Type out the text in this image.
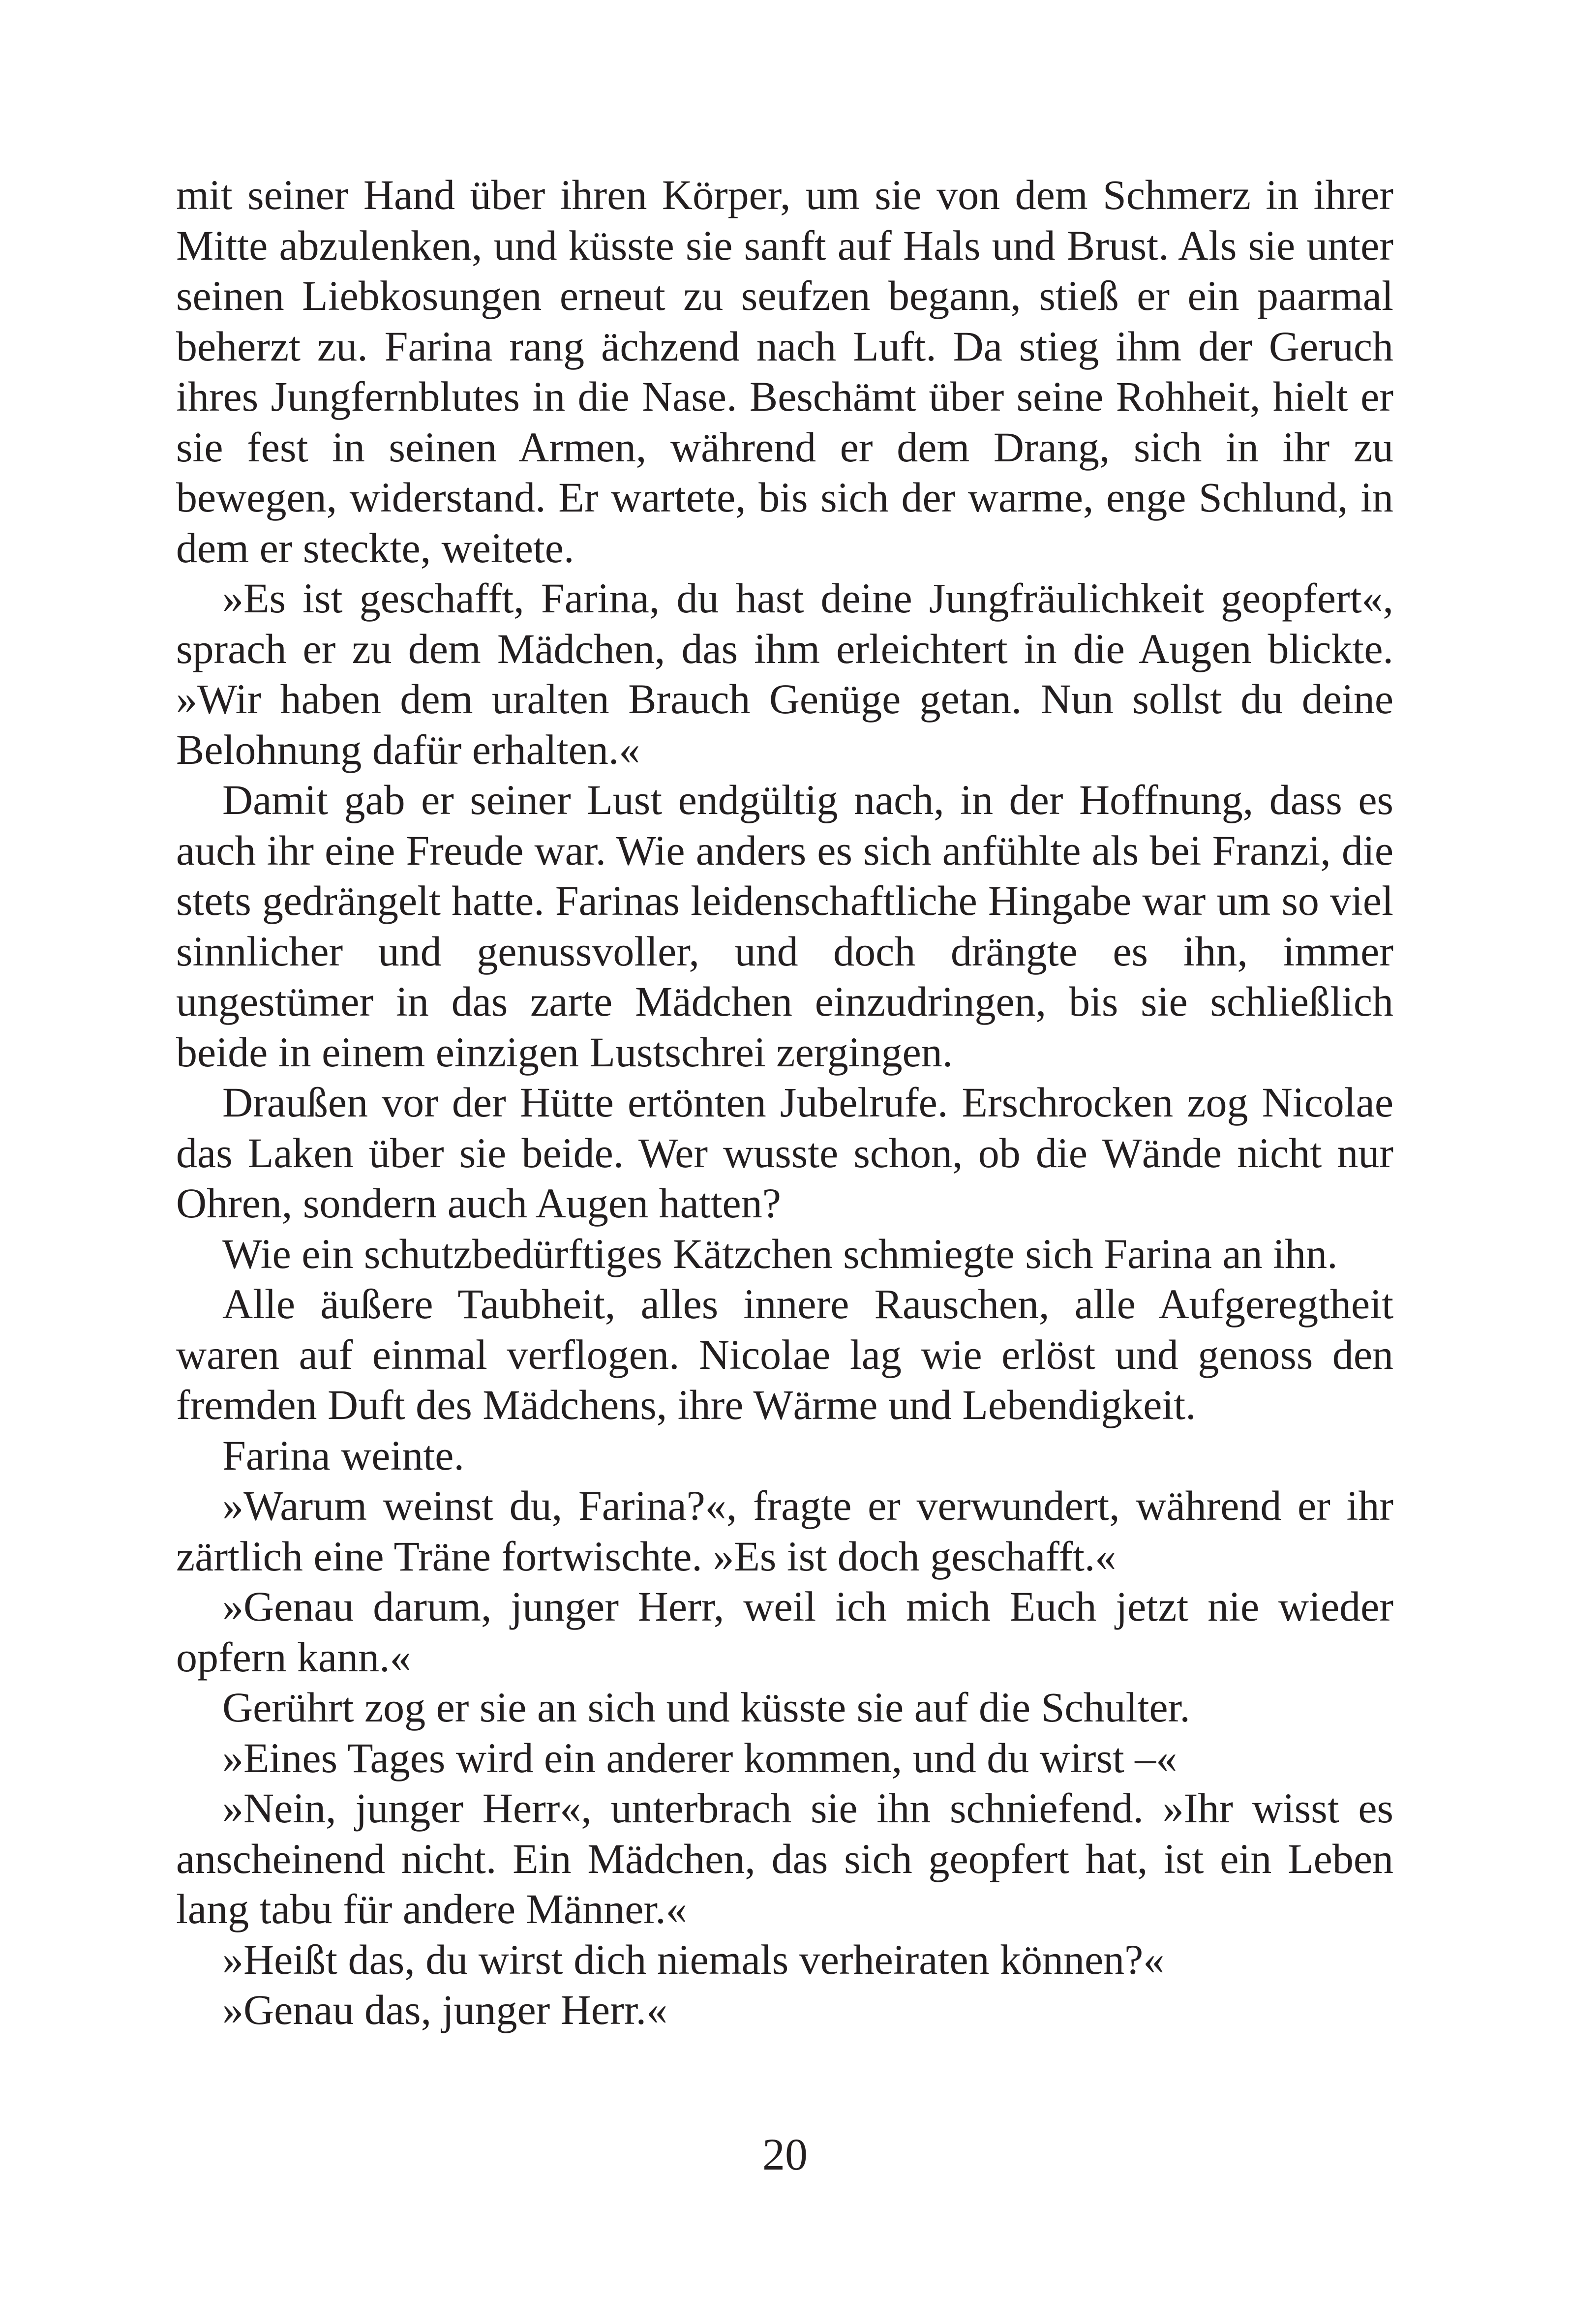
mit seiner Hand über ihren Körper, um sie von dem Schmerz in ihrer Mitte abzulenken, und küsste sie sanft auf Hals und Brust. Als sie unter seinen Liebkosungen erneut zu seufzen begann, stieß er ein paarmal beherzt zu. Farina rang ächzend nach Luft. Da stieg ihm der Geruch ihres Jungfernblutes in die Nase. Beschämt über seine Rohheit, hielt er sie fest in seinen Armen, während er dem Drang, sich in ihr zu bewegen, widerstand. Er wartete, bis sich der warme, enge Schlund, in dem er steckte, weitete.

»Es ist geschafft, Farina, du hast deine Jungfräulichkeit geopfert«, sprach er zu dem Mädchen, das ihm erleichtert in die Augen blickte. »Wir haben dem uralten Brauch Genüge getan. Nun sollst du deine Belohnung dafür erhalten.«

Damit gab er seiner Lust endgültig nach, in der Hoffnung, dass es auch ihr eine Freude war. Wie anders es sich anfühlte als bei Franzi, die stets gedrängelt hatte. Farinas leidenschaftliche Hingabe war um so viel sinnlicher und genussvoller, und doch drängte es ihn, immer ungestümer in das zarte Mädchen einzudringen, bis sie schließlich beide in einem einzigen Lustschrei zergingen.

Draußen vor der Hütte ertönten Jubelrufe. Erschrocken zog Nicolae das Laken über sie beide. Wer wusste schon, ob die Wände nicht nur Ohren, sondern auch Augen hatten?

Wie ein schutzbedürftiges Kätzchen schmiegte sich Farina an ihn.

Alle äußere Taubheit, alles innere Rauschen, alle Aufgeregtheit waren auf einmal verflogen. Nicolae lag wie erlöst und genoss den fremden Duft des Mädchens, ihre Wärme und Lebendigkeit.

Farina weinte.

»Warum weinst du, Farina?«, fragte er verwundert, während er ihr zärtlich eine Träne fortwischte. »Es ist doch geschafft.«

»Genau darum, junger Herr, weil ich mich Euch jetzt nie wieder opfern kann.«

Gerührt zog er sie an sich und küsste sie auf die Schulter.

»Eines Tages wird ein anderer kommen, und du wirst –«

»Nein, junger Herr«, unterbrach sie ihn schniefend. »Ihr wisst es anscheinend nicht. Ein Mädchen, das sich geopfert hat, ist ein Leben lang tabu für andere Männer.«

»Heißt das, du wirst dich niemals verheiraten können?«

»Genau das, junger Herr.«

20
